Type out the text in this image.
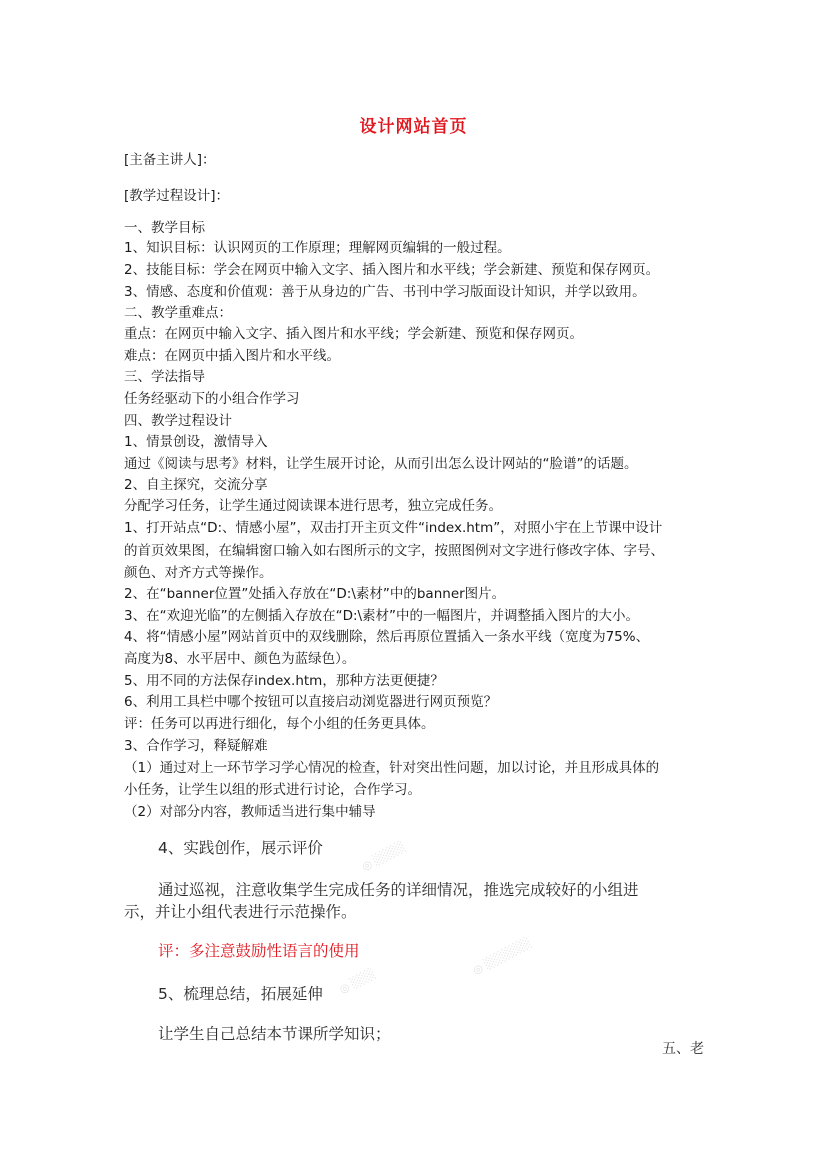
设计网站首页
[主备主讲人]：
[教学过程设计]：
一、教学目标
1、知识目标：认识网页的工作原理；理解网页编辑的一般过程。
2、技能目标：学会在网页中输入文字、插入图片和水平线；学会新建、预览和保存网页。
3、情感、态度和价值观：善于从身边的广告、书刊中学习版面设计知识，并学以致用。
二、教学重难点：
重点：在网页中输入文字、插入图片和水平线；学会新建、预览和保存网页。
难点：在网页中插入图片和水平线。
三、学法指导
任务经驱动下的小组合作学习
四、教学过程设计
1、情景创设，激情导入
通过《阅读与思考》材料，让学生展开讨论，从而引出怎么设计网站的“脸谱”的话题。
2、自主探究，交流分享
分配学习任务，让学生通过阅读课本进行思考，独立完成任务。
1、打开站点“D:、情感小屋”，双击打开主页文件“index.htm”，对照小宇在上节课中设计
的首页效果图，在编辑窗口输入如右图所示的文字，按照图例对文字进行修改字体、字号、
颜色、对齐方式等操作。
2、在“banner位置”处插入存放在“D:\素材”中的banner图片。
3、在“欢迎光临”的左侧插入存放在“D:\素材”中的一幅图片，并调整插入图片的大小。
4、将“情感小屋”网站首页中的双线删除，然后再原位置插入一条水平线（宽度为75%、
高度为8、水平居中、颜色为蓝绿色）。
5、用不同的方法保存index.htm，那种方法更便捷？
6、利用工具栏中哪个按钮可以直接启动浏览器进行网页预览？
评：任务可以再进行细化，每个小组的任务更具体。
3、合作学习，释疑解难
（1）通过对上一环节学习学心情况的检查，针对突出性问题，加以讨论，并且形成具体的
小任务，让学生以组的形式进行讨论，合作学习。
（2）对部分内容，教师适当进行集中辅导
4、实践创作，展示评价
通过巡视，注意收集学生完成任务的详细情况，推选完成较好的小组进
示，并让小组代表进行示范操作。
评：多注意鼓励性语言的使用
5、梳理总结，拓展延伸
让学生自己总结本节课所学知识；
五、老
◎ ░░░░
◎ ░░░░░░
◎ ░░░
